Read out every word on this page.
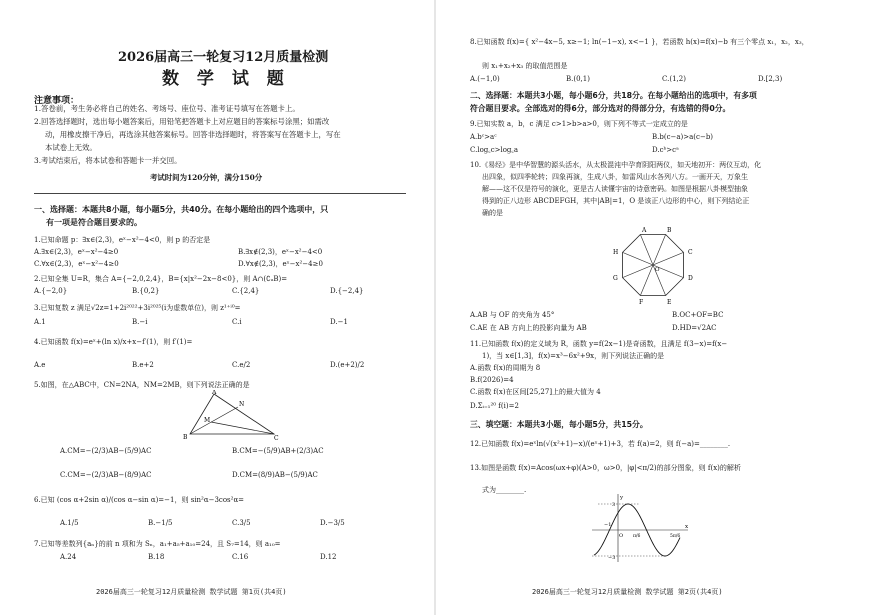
2026届高三一轮复习12月质量检测
数 学 试 题
注意事项：
1.答卷前，考生务必将自己的姓名、考场号、座位号、准考证号填写在答题卡上。
2.回答选择题时，选出每小题答案后，用铅笔把答题卡上对应题目的答案标号涂黑；如需改
动，用橡皮擦干净后，再选涂其他答案标号。回答非选择题时，将答案写在答题卡上，写在
本试卷上无效。
3.考试结束后，将本试卷和答题卡一并交回。
考试时间为120分钟，满分150分
一、选择题：本题共8小题，每小题5分，共40分。在每小题给出的四个选项中，只
有一项是符合题目要求的。
1.已知命题 p：∃x∈(2,3)，eˣ−x²−4<0，则 p 的否定是
A.∃x∈(2,3)，eˣ−x²−4≥0	B.∃x∉(2,3)，eˣ−x²−4<0
C.∀x∈(2,3)，eˣ−x²−4≥0	D.∀x∉(2,3)，eˣ−x²−4≥0
2.已知全集 U=R，集合 A={−2,0,2,4}，B={x|x²−2x−8<0}，则 A∩(∁ᵤB)=
A.{−2,0}	B.{0,2}	C.{2,4}	D.{−2,4}
3.已知复数 z 满足√2z=1+2i²⁰²²+3i²⁰²⁵(i为虚数单位)，则 z¹⁺ⁱ⁰=
A.1	B.−i	C.i	D.−1
4.已知函数 f(x)=eˣ+(ln x)/x+x−f′(1)，则 f′(1)=
A.e	B.e+2	C.e/2	D.(e+2)/2
5.如图，在△ABC中，CN=2NA，NM=2MB，则下列说法正确的是
A
B	C
M
N
A.CM=−(2/3)AB−(5/9)AC	B.CM=−(5/9)AB+(2/3)AC
C.CM=−(2/3)AB−(8/9)AC	D.CM=(8/9)AB−(5/9)AC
6.已知 (cos α+2sin α)/(cos α−sin α)=−1，则 sin²α−3cos²α=
A.1/5	B.−1/5	C.3/5	D.−3/5
7.已知等差数列{aₙ}的前 n 项和为 Sₙ，a₁+a₅+a₁₀=24，且 S₇=14，则 a₁₀=
A.24	B.18	C.16	D.12
2026届高三一轮复习12月质量检测 数学试题 第1页(共4页)
8.已知函数 f(x)={ x²−4x−5, x≥−1; ln(−1−x), x<−1 }，若函数 h(x)=f(x)−b 有三个零点 x₁，x₂，x₃，
则 x₁+x₂+x₃ 的取值范围是
A.(−1,0)	B.(0,1)	C.(1,2)	D.[2,3)
二、选择题：本题共3小题，每小题6分，共18分。在每小题给出的选项中，有多项
符合题目要求。全部选对的得6分，部分选对的得部分分，有选错的得0分。
9.已知实数 a，b，c 满足 c>1>b>a>0，则下列不等式一定成立的是
A.bᶜ>aᶜ	B.b(c−a)>a(c−b)
C.log꜀c>log꜀a	D.cᵇ>cᵃ
10.《易经》是中华智慧的源头活水，从太极混沌中孕育阴阳两仪，如天地初开：两仪互动，化
出四象，似四季轮转；四象再演，生成八卦，如雷风山水各列八方。一画开天，万象生
解——这不仅是符号的演化，更是古人读懂宇宙的诗意密码。如图是根据八卦模型抽象
得到的正八边形 ABCDEFGH，其中|AB|=1，O 是该正八边形的中心，则下列结论正
确的是
A	B
C
D
E
F
G
H
O
A.AB 与 OF 的夹角为 45°	B.OC+OF=BC
C.AE 在 AB 方向上的投影向量为 AB	D.HD=√2AC
11.已知函数 f(x)的定义域为 R，函数 y=f(2x−1)是奇函数，且满足 f(3−x)=f(x−
1)，当 x∈[1,3]，f(x)=x³−6x²+9x，则下列说法正确的是
A.函数 f(x)的周期为 8
B.f(2026)=4
C.函数 f(x)在区间[25,27]上的最大值为 4
D.Σᵢ₌₁²⁰ f(i)=2
三、填空题：本题共3小题，每小题5分，共15分。
12.已知函数 f(x)=eˣln(√(x²+1)−x)/(eˣ+1)+3，若 f(a)=2，则 f(−a)=________.
13.如图是函数 f(x)=Acos(ωx+φ)(A>0，ω>0，|φ|<π/2)的部分图象，则 f(x)的解析
式为________.
y
x
3
−3
−1
O π/6	5π/6
2026届高三一轮复习12月质量检测 数学试题 第2页(共4页)
